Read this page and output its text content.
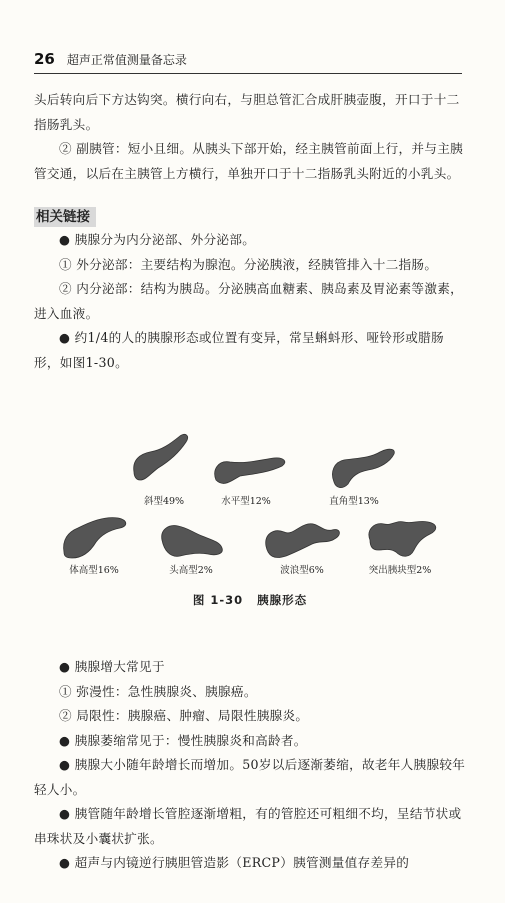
26 超声正常值测量备忘录

头后转向后下方达钩突。横行向右，与胆总管汇合成肝胰壶腹，开口于十二指肠乳头。

② 副胰管：短小且细。从胰头下部开始，经主胰管前面上行，并与主胰管交通，以后在主胰管上方横行，单独开口于十二指肠乳头附近的小乳头。

相关链接

● 胰腺分为内分泌部、外分泌部。

① 外分泌部：主要结构为腺泡。分泌胰液，经胰管排入十二指肠。

② 内分泌部：结构为胰岛。分泌胰高血糖素、胰岛素及胃泌素等激素，进入血液。

● 约1/4的人的胰腺形态或位置有变异，常呈蝌蚪形、哑铃形或腊肠形，如图1-30。

斜型49%	水平型12%	直角型13%
体高型16%	头高型2%	波浪型6%	突出胰块型2%
图 1-30 胰腺形态

● 胰腺增大常见于

① 弥漫性：急性胰腺炎、胰腺癌。

② 局限性：胰腺癌、肿瘤、局限性胰腺炎。

● 胰腺萎缩常见于：慢性胰腺炎和高龄者。

● 胰腺大小随年龄增长而增加。50岁以后逐渐萎缩，故老年人胰腺较年轻人小。

● 胰管随年龄增长管腔逐渐增粗，有的管腔还可粗细不均，呈结节状或串珠状及小囊状扩张。

● 超声与内镜逆行胰胆管造影（ERCP）胰管测量值存差异的
